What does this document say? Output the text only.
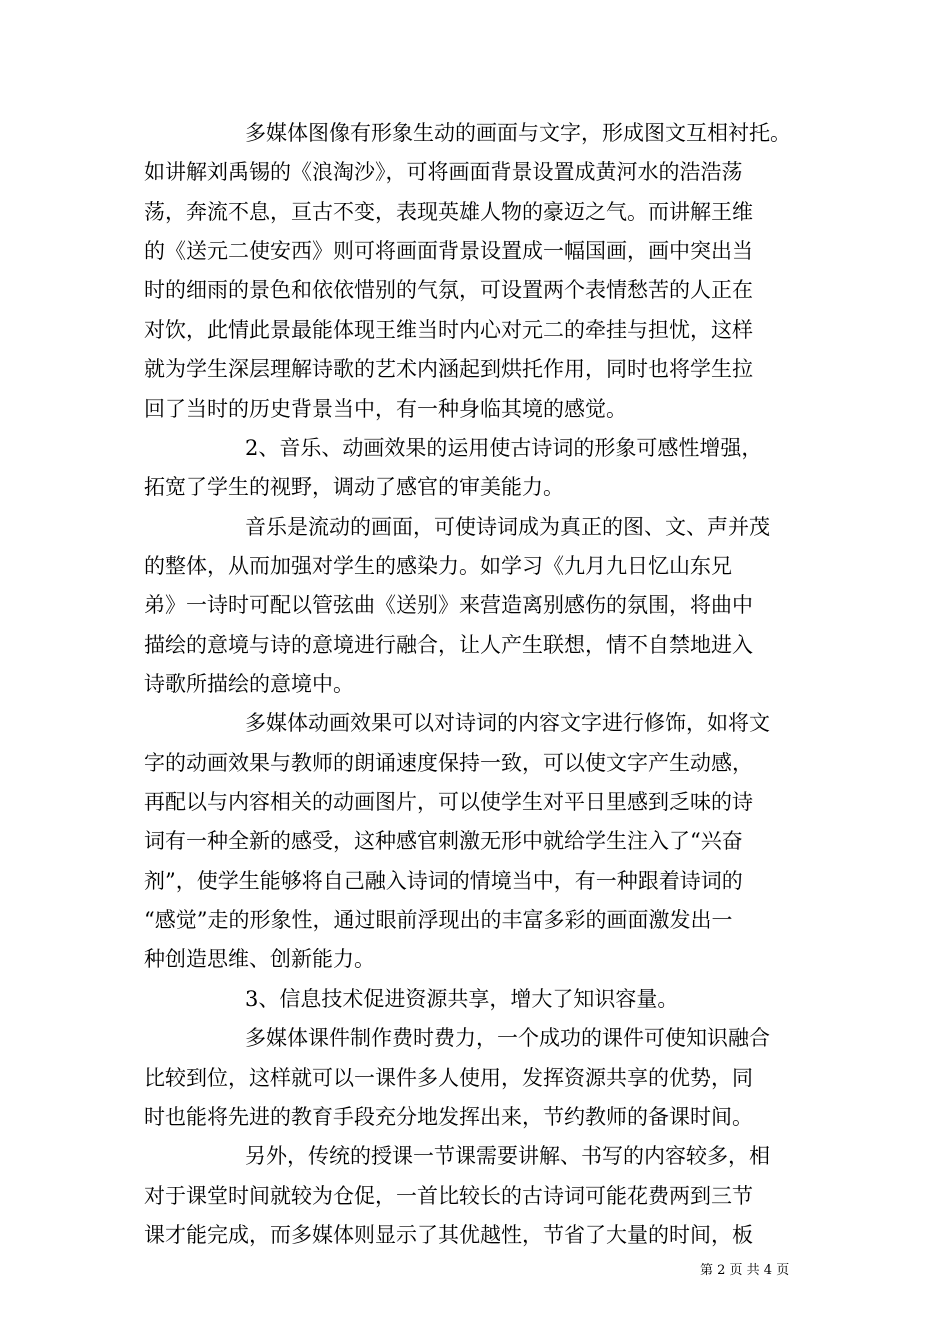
多媒体图像有形象生动的画面与文字，形成图文互相衬托。
如讲解刘禹锡的《浪淘沙》，可将画面背景设置成黄河水的浩浩荡
荡，奔流不息，亘古不变，表现英雄人物的豪迈之气。而讲解王维
的《送元二使安西》则可将画面背景设置成一幅国画，画中突出当
时的细雨的景色和依依惜别的气氛，可设置两个表情愁苦的人正在
对饮，此情此景最能体现王维当时内心对元二的牵挂与担忧，这样
就为学生深层理解诗歌的艺术内涵起到烘托作用，同时也将学生拉
回了当时的历史背景当中，有一种身临其境的感觉。
2、音乐、动画效果的运用使古诗词的形象可感性增强，
拓宽了学生的视野，调动了感官的审美能力。
音乐是流动的画面，可使诗词成为真正的图、文、声并茂
的整体，从而加强对学生的感染力。如学习《九月九日忆山东兄
弟》一诗时可配以管弦曲《送别》来营造离别感伤的氛围，将曲中
描绘的意境与诗的意境进行融合，让人产生联想，情不自禁地进入
诗歌所描绘的意境中。
多媒体动画效果可以对诗词的内容文字进行修饰，如将文
字的动画效果与教师的朗诵速度保持一致，可以使文字产生动感，
再配以与内容相关的动画图片，可以使学生对平日里感到乏味的诗
词有一种全新的感受，这种感官刺激无形中就给学生注入了“兴奋
剂”，使学生能够将自己融入诗词的情境当中，有一种跟着诗词的
“感觉”走的形象性，通过眼前浮现出的丰富多彩的画面激发出一
种创造思维、创新能力。
3、信息技术促进资源共享，增大了知识容量。
多媒体课件制作费时费力，一个成功的课件可使知识融合
比较到位，这样就可以一课件多人使用，发挥资源共享的优势，同
时也能将先进的教育手段充分地发挥出来，节约教师的备课时间。
另外，传统的授课一节课需要讲解、书写的内容较多，相
对于课堂时间就较为仓促，一首比较长的古诗词可能花费两到三节
课才能完成，而多媒体则显示了其优越性，节省了大量的时间，板
第 2 页 共 4 页
